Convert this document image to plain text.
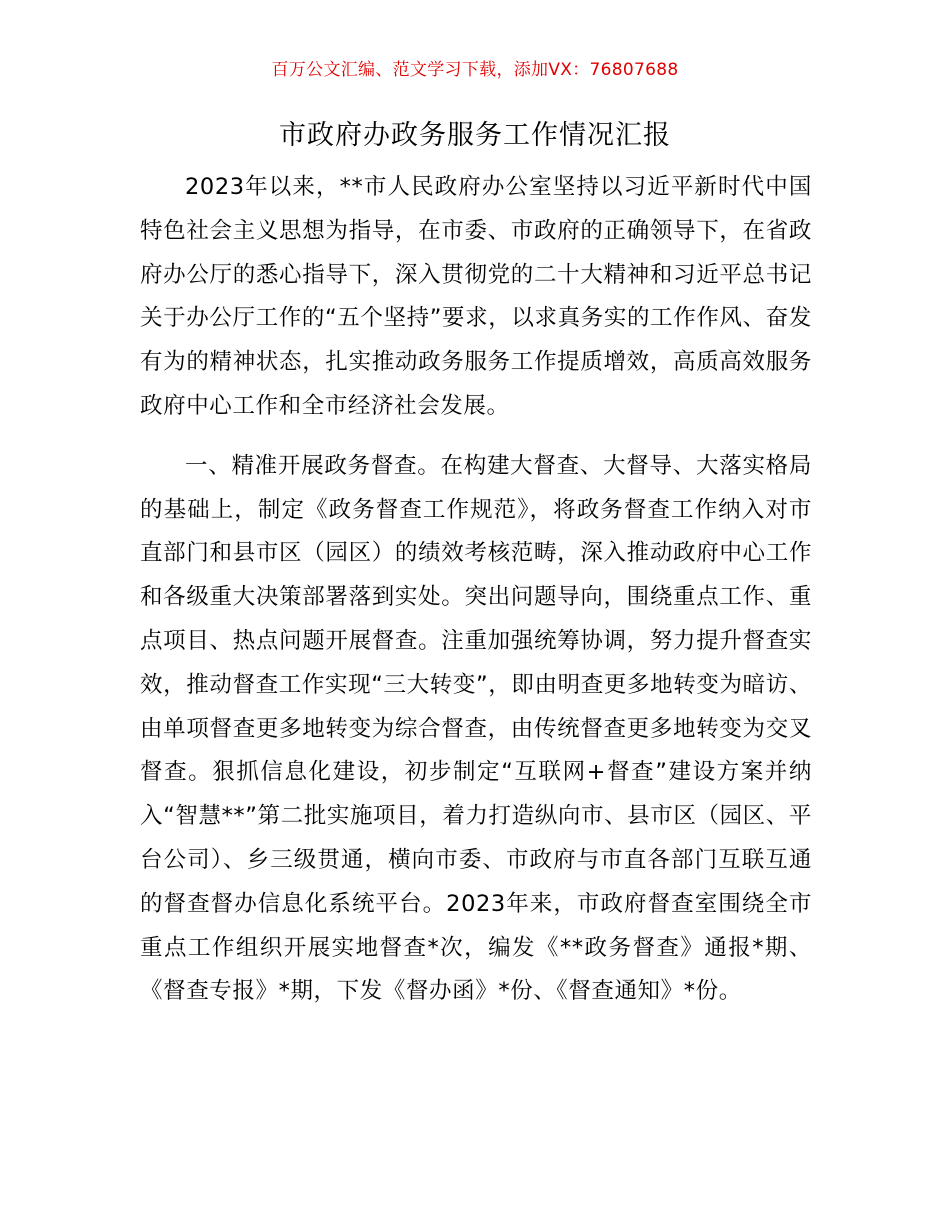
百万公文汇编、范文学习下载，添加VX：76807688
市政府办政务服务工作情况汇报

2023年以来，**市人民政府办公室坚持以习近平新时代中国特色社会主义思想为指导，在市委、市政府的正确领导下，在省政府办公厅的悉心指导下，深入贯彻党的二十大精神和习近平总书记关于办公厅工作的“五个坚持”要求，以求真务实的工作作风、奋发有为的精神状态，扎实推动政务服务工作提质增效，高质高效服务政府中心工作和全市经济社会发展。

一、精准开展政务督查。在构建大督查、大督导、大落实格局的基础上，制定《政务督查工作规范》，将政务督查工作纳入对市直部门和县市区（园区）的绩效考核范畴，深入推动政府中心工作和各级重大决策部署落到实处。突出问题导向，围绕重点工作、重点项目、热点问题开展督查。注重加强统筹协调，努力提升督查实效，推动督查工作实现“三大转变”，即由明查更多地转变为暗访、由单项督查更多地转变为综合督查，由传统督查更多地转变为交叉督查。狠抓信息化建设，初步制定“互联网+督查”建设方案并纳入“智慧**”第二批实施项目，着力打造纵向市、县市区（园区、平台公司）、乡三级贯通，横向市委、市政府与市直各部门互联互通的督查督办信息化系统平台。2023年来，市政府督查室围绕全市重点工作组织开展实地督查*次，编发《**政务督查》通报*期、《督查专报》*期，下发《督办函》*份、《督查通知》*份。
